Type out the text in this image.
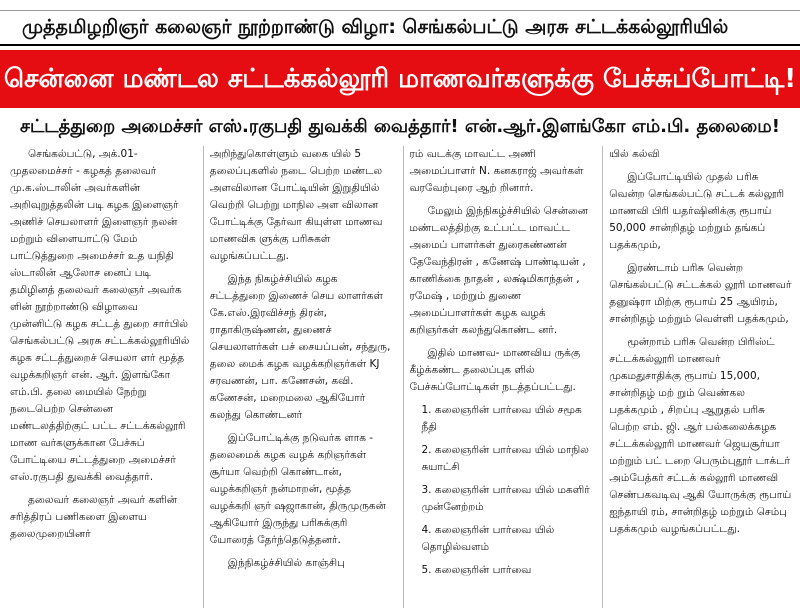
முத்தமிழறிஞர் கலைஞர் நூற்றாண்டு விழா: செங்கல்பட்டு அரசு சட்டக்கல்லூரியில்
சென்னை மண்டல சட்டக்கல்லூரி மாணவர்களுக்கு பேச்சுப்போட்டி!
சட்டத்துறை அமைச்சர் எஸ்.ரகுபதி துவக்கி வைத்தார்! என்.ஆர்.இளங்கோ எம்.பி. தலைமை!

செங்கல்பட்டு, அக்.01- முதலமைச்சர் - கழகத் தலைவர் மு.க.ஸ்டாலின் அவர்களின் அறிவுறுத்தலின் படி கழக இளைஞர் அணிச் செயலாளர் இளைஞர் நலன் மற்றும் விளையாட்டு மேம் பாட்டுத்துறை அமைச்சர் உத யநிதி ஸ்டாலின் ஆலோச னைப் படி தமிழினத் தலைவர் கலைஞர் அவர்க ளின் நூற்றாண்டு விழாவை முன்னிட்டு கழக சட்டத் துறை சார்பில் செங்கல்பட்டு அரசு சட்டக்கல்லூரியில் கழக சட்டத்துறைச் செயலா ளர் மூத்த வழக்கறிஞர் என். ஆர். இளங்கோ எம்.பி. தலை மையில் நேற்று நடைபெற்ற சென்னை மண்டலத்திற்குட் பட்ட சட்டக்கல்லூரி மாண வர்களுக்கான பேச்சுப் போட்டியை சட்டத்துறை அமைச்சர் எஸ்.ரகுபதி துவக்கி வைத்தார்.

தலைவர் கலைஞர் அவர் களின் சரித்திரப் பணிகளை இளைய தலைமுறையினர்

அறிந்துகொள்ளும் வகை யில் 5 தலைப்புகளில் நடை பெற்ற மண்டல அளவிலான போட்டியின் இறுதியில் வெற்றி பெற்று மாநில அள விலான போட்டிக்கு தேர்வா கியுள்ள மாணவ மாணவிக ளுக்கு பரிசுகள் வழங்கப்பட்டது.

இந்த நிகழ்ச்சியில் கழக சட்டத்துறை இணைச் செய லாளர்கள் கே.எஸ்.இரவிச்சந் திரன், ராதாகிருஷ்ணன், துணைச் செயலாளர்கள் பச் சையப்பன், சந்துரு, தலை மைக் கழக வழக்கறிஞர்கள் KJ சரவணன், பா. கணேசன், கவி. கணேசன், மறைமலை ஆகியோர் கலந்து கொண்டனர்

இப்போட்டிக்கு நடுவர்க ளாக - தலைமைக் கழக வழக் கறிஞர்கள் சூர்யா வெற்றி கொண்டான், வழக்கறிஞர் நன்மாறன், மூத்த வழக்கறி ஞர் ஷஜாகான், திருமுருகன் ஆகியோர் இருந்து பரிசுக்குரி யோரைத் தேர்ந்தெடுத்தனர்.

இந்நிகழ்ச்சியில் காஞ்சிபு

ரம் வடக்கு மாவட்ட அணி அமைப்பாளர் N. கனகராஜ் அவர்கள் வரவேற்புரை ஆற் றினார்.

மேலும் இந்நிகழ்ச்சியில் சென்னை மண்டலத்திற்கு உட்பட்ட மாவட்ட அமைப் பாளர்கள் துரைகண்ணன் தேவேந்திரன் , கணேஷ் பாண்டியன் , காணிக்கை நாதன் , லக்ஷ்மிகாந்தன் , ரமேஷ் , மற்றும் துணை அமைப்பாளர்கள் கழக வழக் கறிஞர்கள் கலந்துகொண்ட னர்.

இதில் மாணவ- மாணவிய ருக்கு கீழ்க்கண்ட தலைப்புக ளில் பேச்சுப்போட்டிகள் நடத்தப்பட்டது.

1. கலைஞரின் பார்வை யில் சமூக நீதி
2. கலைஞரின் பார்வை யில் மாநில சுயாட்சி
3. கலைஞரின் பார்வை யில் மகளிர் முன்னேற்றம்
4. கலைஞரின் பார்வை யில் தொழில்வளம்
5. கலைஞரின் பார்வை

யில் கல்வி

இப்போட்டியில் முதல் பரிசு வென்ற செங்கல்பட்டு சட்டக் கல்லூரி மாணவி பிரி யதர்ஷினிக்கு ரூபாய் 50,000 சான்றிதழ் மற்றும் தங்கப் பதக்கமும்,

இரண்டாம் பரிசு வென்ற செங்கல்பட்டு சட்டக்கல் லூரி மாணவர் தனுஷ்ரா மிற்கு ரூபாய் 25 ஆயிரம், சான்றிதழ் மற்றும் வெள்ளி பதக்கமும்,

மூன்றாம் பரிசு வென்ற பிரிஸ்ட் சட்டக்கல்லூரி மாணவர் முகமதுசாதிக்கு ரூபாய் 15,000, சான்றிதழ் மற் றும் வெண்கல பதக்கமும் , சிறப்பு ஆறுதல் பரிசு பெற்ற எம். ஜி. ஆர் பல்கலைக்கழக சட்டக்கல்லூரி மாணவர் ஜெயசூர்யா மற்றும் பட் டறை பெரும்புதூர் டாக்டர் அம்பேத்கர் சட்டக் கல்லூரி மாணவி செண்பகவடிவு ஆகி யோருக்கு ரூபாய் ஐந்தாயி ரம், சான்றிதழ் மற்றும் செம்பு பதக்கமும் வழங்கப்பட்டது.
